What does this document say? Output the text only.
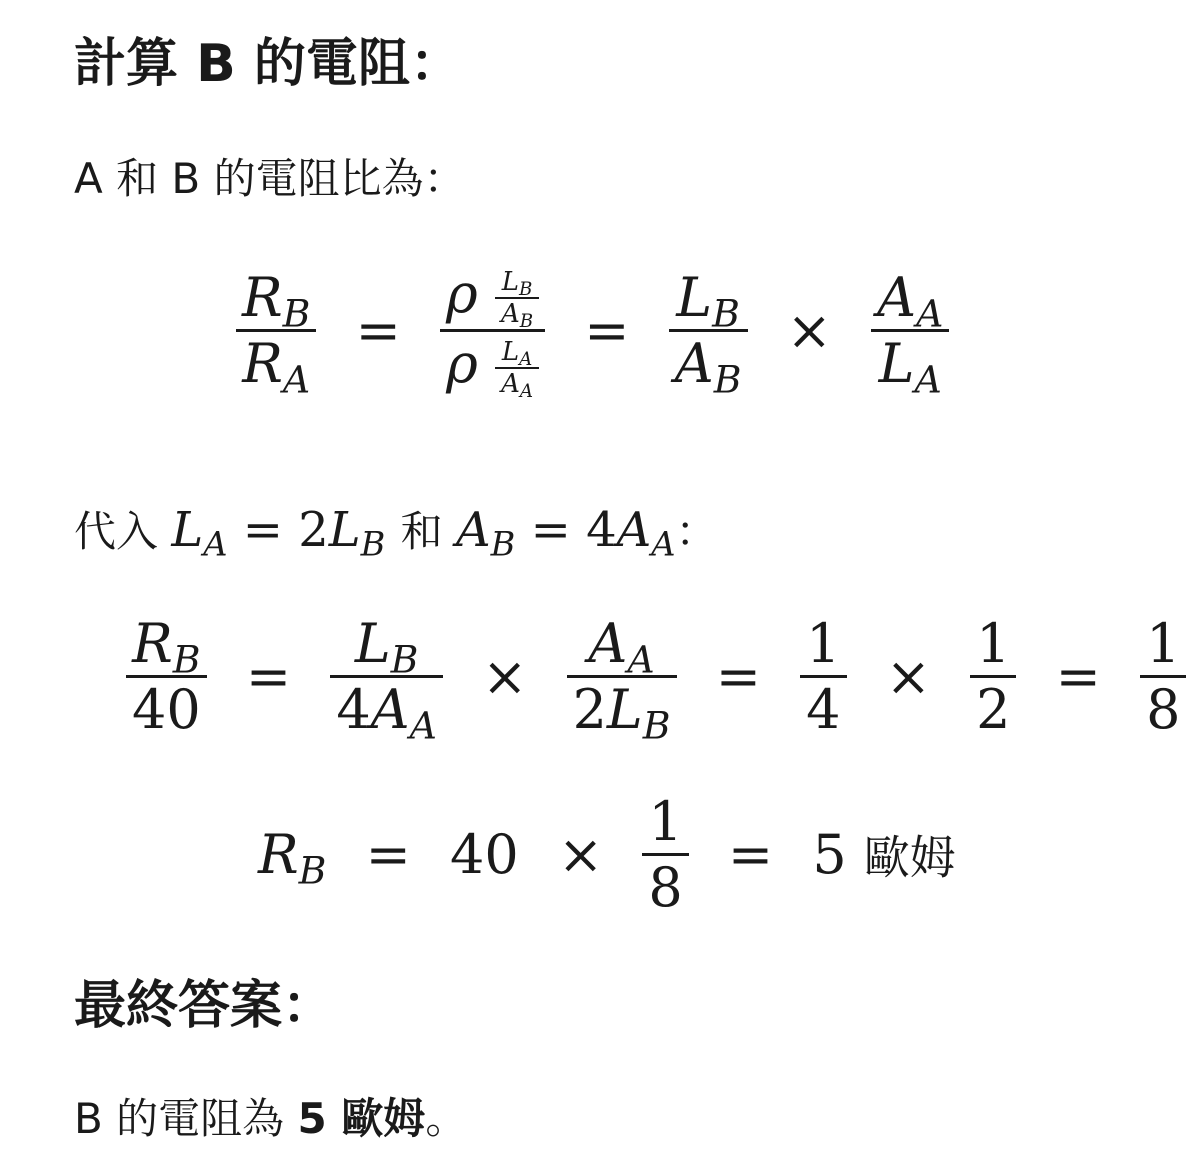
計算 B 的電阻：
A 和 B 的電阻比為：
$\frac{R_B}{R_A} = \frac{\rho \frac{L_B}{A_B}}{\rho \frac{L_A}{A_A}} = \frac{L_B}{A_B} \times \frac{A_A}{L_A}$
代入 $L_A = 2L_B$ 和 $A_B = 4A_A$：
$\frac{R_B}{40} = \frac{L_B}{4A_A} \times \frac{A_A}{2L_B} = \frac{1}{4} \times \frac{1}{2} = \frac{1}{8}$
$R_B = 40 \times \frac{1}{8} = 5$ 歐姆
最終答案：
B 的電阻為 5 歐姆。
